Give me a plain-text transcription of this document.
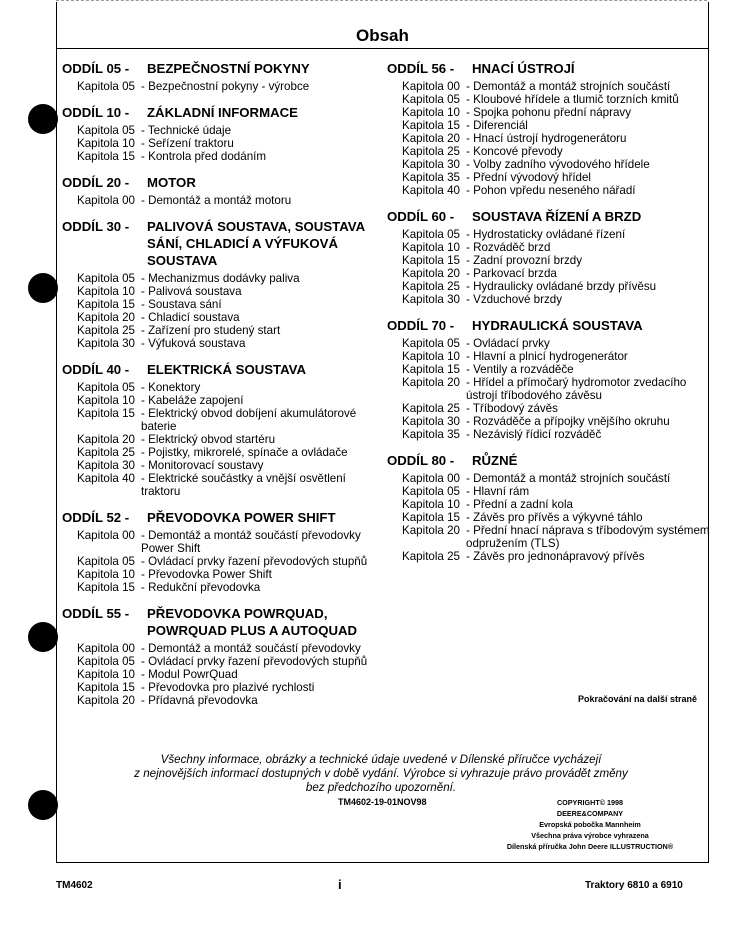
Obsah
ODDÍL 05 -	BEZPEČNOSTNÍ POKYNY
Kapitola 05 - Bezpečnostní pokyny - výrobce
ODDÍL 10 -	ZÁKLADNÍ INFORMACE
Kapitola 05 - Technické údaje
Kapitola 10 - Seřízení traktoru
Kapitola 15 - Kontrola před dodáním
ODDÍL 20 -	MOTOR
Kapitola 00 - Demontáž a montáž motoru
ODDÍL 30 -	PALIVOVÁ SOUSTAVA, SOUSTAVA SÁNÍ, CHLADICÍ A VÝFUKOVÁ SOUSTAVA
Kapitola 05 - Mechanizmus dodávky paliva
Kapitola 10 - Palivová soustava
Kapitola 15 - Soustava sání
Kapitola 20 - Chladicí soustava
Kapitola 25 - Zařízení pro studený start
Kapitola 30 - Výfuková soustava
ODDÍL 40 -	ELEKTRICKÁ SOUSTAVA
Kapitola 05 - Konektory
Kapitola 10 - Kabeláže zapojení
Kapitola 15 - Elektrický obvod dobíjení akumulátorové baterie
Kapitola 20 - Elektrický obvod startéru
Kapitola 25 - Pojistky, mikrorelé, spínače a ovládače
Kapitola 30 - Monitorovací soustavy
Kapitola 40 - Elektrické součástky a vnější osvětlení traktoru
ODDÍL 52 -	PŘEVODOVKA POWER SHIFT
Kapitola 00 - Demontáž a montáž součástí převodovky Power Shift
Kapitola 05 - Ovládací prvky řazení převodových stupňů
Kapitola 10 - Převodovka Power Shift
Kapitola 15 - Redukční převodovka
ODDÍL 55 -	PŘEVODOVKA POWRQUAD, POWRQUAD PLUS A AUTOQUAD
Kapitola 00 - Demontáž a montáž součástí převodovky
Kapitola 05 - Ovládací prvky řazení převodových stupňů
Kapitola 10 - Modul PowrQuad
Kapitola 15 - Převodovka pro plazivé rychlosti
Kapitola 20 - Přídavná převodovka
ODDÍL 56 -	HNACÍ ÚSTROJÍ
Kapitola 00 - Demontáž a montáž strojních součástí
Kapitola 05 - Kloubové hřídele a tlumič torzních kmitů
Kapitola 10 - Spojka pohonu přední nápravy
Kapitola 15 - Diferenciál
Kapitola 20 - Hnací ústrojí hydrogenerátoru
Kapitola 25 - Koncové převody
Kapitola 30 - Volby zadního vývodového hřídele
Kapitola 35 - Přední vývodový hřídel
Kapitola 40 - Pohon vpředu neseného nářadí
ODDÍL 60 -	SOUSTAVA ŘÍZENÍ A BRZD
Kapitola 05 - Hydrostaticky ovládané řízení
Kapitola 10 - Rozváděč brzd
Kapitola 15 - Zadní provozní brzdy
Kapitola 20 - Parkovací brzda
Kapitola 25 - Hydraulicky ovládané brzdy přívěsu
Kapitola 30 - Vzduchové brzdy
ODDÍL 70 -	HYDRAULICKÁ SOUSTAVA
Kapitola 05 - Ovládací prvky
Kapitola 10 - Hlavní a plnicí hydrogenerátor
Kapitola 15 - Ventily a rozváděče
Kapitola 20 - Hřídel a přímočarý hydromotor zvedacího ústrojí tříbodového závěsu
Kapitola 25 - Tříbodový závěs
Kapitola 30 - Rozváděče a přípojky vnějšího okruhu
Kapitola 35 - Nezávislý řídicí rozváděč
ODDÍL 80 -	RŮZNÉ
Kapitola 00 - Demontáž a montáž strojních součástí
Kapitola 05 - Hlavní rám
Kapitola 10 - Přední a zadní kola
Kapitola 15 - Závěs pro přívěs a výkyvné táhlo
Kapitola 20 - Přední hnací náprava s tříbodovým systémem odpružením (TLS)
Kapitola 25 - Závěs pro jednonápravový přívěs
Pokračování na další straně
Všechny informace, obrázky a technické údaje uvedené v Dílenské příručce vycházejí
z nejnovějších informací dostupných v době vydání. Výrobce si vyhrazuje právo provádět změny
bez předchozího upozornění.
TM4602-19-01NOV98	COPYRIGHT© 1998
DEERE&COMPANY
Evropská pobočka Mannheim
Všechna práva výrobce vyhrazena
Dílenská příručka John Deere ILLUSTRUCTION®
TM4602	i	Traktory 6810 a 6910
